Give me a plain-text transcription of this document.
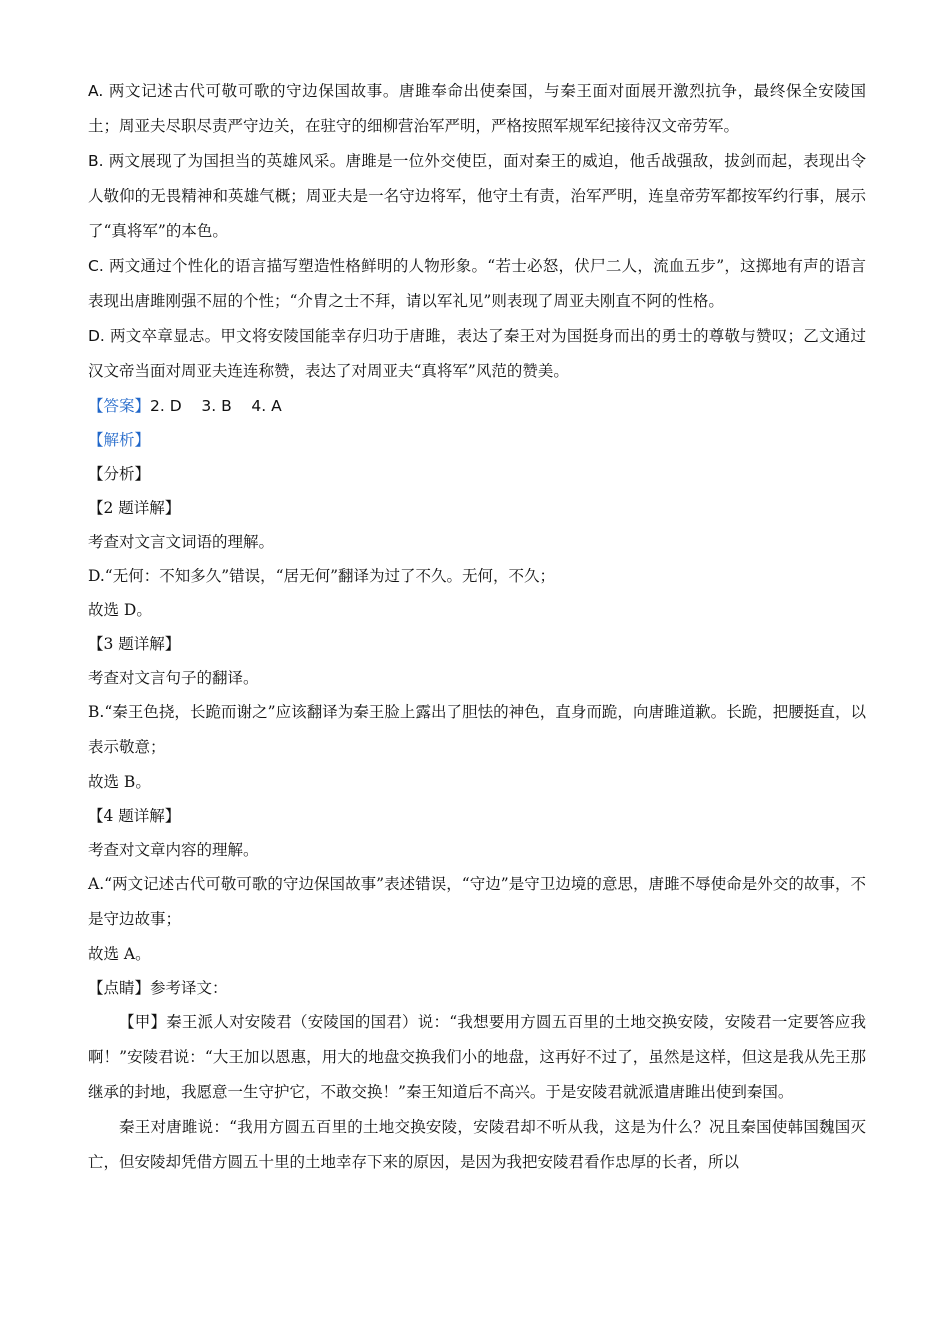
A. 两文记述古代可敬可歌的守边保国故事。唐雎奉命出使秦国，与秦王面对面展开激烈抗争，最终保全安陵国土；周亚夫尽职尽责严守边关，在驻守的细柳营治军严明，严格按照军规军纪接待汉文帝劳军。

B. 两文展现了为国担当的英雄风采。唐雎是一位外交使臣，面对秦王的威迫，他舌战强敌，拔剑而起，表现出令人敬仰的无畏精神和英雄气概；周亚夫是一名守边将军，他守土有责，治军严明，连皇帝劳军都按军约行事，展示了“真将军”的本色。

C. 两文通过个性化的语言描写塑造性格鲜明的人物形象。“若士必怒，伏尸二人，流血五步”，这掷地有声的语言表现出唐雎刚强不屈的个性；“介胄之士不拜，请以军礼见”则表现了周亚夫刚直不阿的性格。

D. 两文卒章显志。甲文将安陵国能幸存归功于唐雎，表达了秦王对为国挺身而出的勇士的尊敬与赞叹；乙文通过汉文帝当面对周亚夫连连称赞，表达了对周亚夫“真将军”风范的赞美。

【答案】2. D    3. B    4. A

【解析】

【分析】

【2 题详解】

考查对文言文词语的理解。

D.“无何：不知多久”错误，“居无何”翻译为过了不久。无何，不久；

故选 D。

【3 题详解】

考查对文言句子的翻译。

B.“秦王色挠，长跪而谢之”应该翻译为秦王脸上露出了胆怯的神色，直身而跪，向唐雎道歉。长跪，把腰挺直，以表示敬意；

故选 B。

【4 题详解】

考查对文章内容的理解。

A.“两文记述古代可敬可歌的守边保国故事”表述错误，“守边”是守卫边境的意思，唐雎不辱使命是外交的故事，不是守边故事；

故选 A。

【点睛】参考译文：

【甲】秦王派人对安陵君（安陵国的国君）说：“我想要用方圆五百里的土地交换安陵，安陵君一定要答应我啊！”安陵君说：“大王加以恩惠，用大的地盘交换我们小的地盘，这再好不过了，虽然是这样，但这是我从先王那继承的封地，我愿意一生守护它，不敢交换！”秦王知道后不高兴。于是安陵君就派遣唐雎出使到秦国。

秦王对唐雎说：“我用方圆五百里的土地交换安陵，安陵君却不听从我，这是为什么？况且秦国使韩国魏国灭亡，但安陵却凭借方圆五十里的土地幸存下来的原因，是因为我把安陵君看作忠厚的长者，所以
